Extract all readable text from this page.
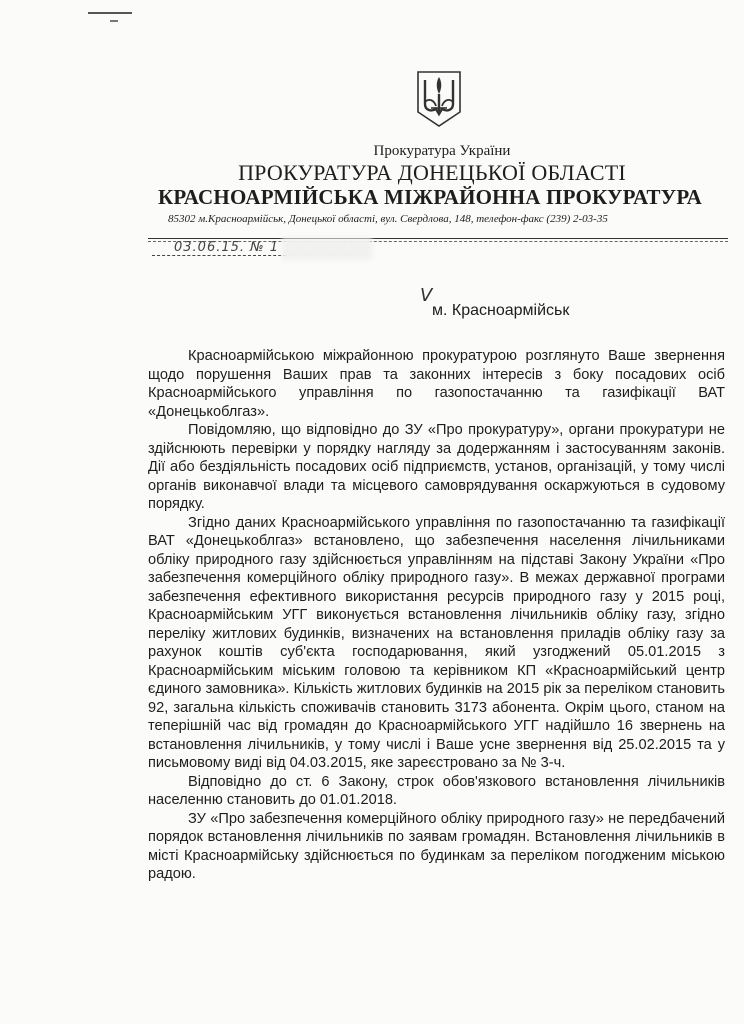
Прокуратура України
ПРОКУРАТУРА ДОНЕЦЬКОЇ ОБЛАСТІ
КРАСНОАРМІЙСЬКА МІЖРАЙОННА ПРОКУРАТУРА
85302 м.Красноармійськ, Донецької області, вул. Свердлова, 148, телефон-факс (239) 2-03-35
03.06.15. № 1
V
м. Красноармійськ

Красноармійською міжрайонною прокуратурою розглянуто Ваше звернення щодо порушення Ваших прав та законних інтересів з боку посадових осіб Красноармійського управління по газопостачанню та газифікації ВАТ «Донецькоблгаз».

Повідомляю, що відповідно до ЗУ «Про прокуратуру», органи прокуратури не здійснюють перевірки у порядку нагляду за додержанням і застосуванням законів. Дії або бездіяльність посадових осіб підприємств, установ, організацій, у тому числі органів виконавчої влади та місцевого самоврядування оскаржуються в судовому порядку.

Згідно даних Красноармійського управління по газопостачанню та газифікації ВАТ «Донецькоблгаз» встановлено, що забезпечення населення лічильниками обліку природного газу здійснюється управлінням на підставі Закону України «Про забезпечення комерційного обліку природного газу». В межах державної програми забезпечення ефективного використання ресурсів природного газу у 2015 році, Красноармійським УГГ виконується встановлення лічильників обліку газу, згідно переліку житлових будинків, визначених на встановлення приладів обліку газу за рахунок коштів суб'єкта господарювання, який узгоджений 05.01.2015 з Красноармійським міським головою та керівником КП «Красноармійський центр єдиного замовника». Кількість житлових будинків на 2015 рік за переліком становить 92, загальна кількість споживачів становить 3173 абонента. Окрім цього, станом на теперішній час від громадян до Красноармійського УГГ надійшло 16 звернень на встановлення лічильників, у тому числі і Ваше усне звернення від 25.02.2015 та у письмовому виді від 04.03.2015, яке зареєстровано за № 3-ч.

Відповідно до ст. 6 Закону, строк обов'язкового встановлення лічильників населенню становить до 01.01.2018.

ЗУ «Про забезпечення комерційного обліку природного газу» не передбачений порядок встановлення лічильників по заявам громадян. Встановлення лічильників в місті Красноармійську здійснюється по будинкам за переліком погодженим міською радою.
